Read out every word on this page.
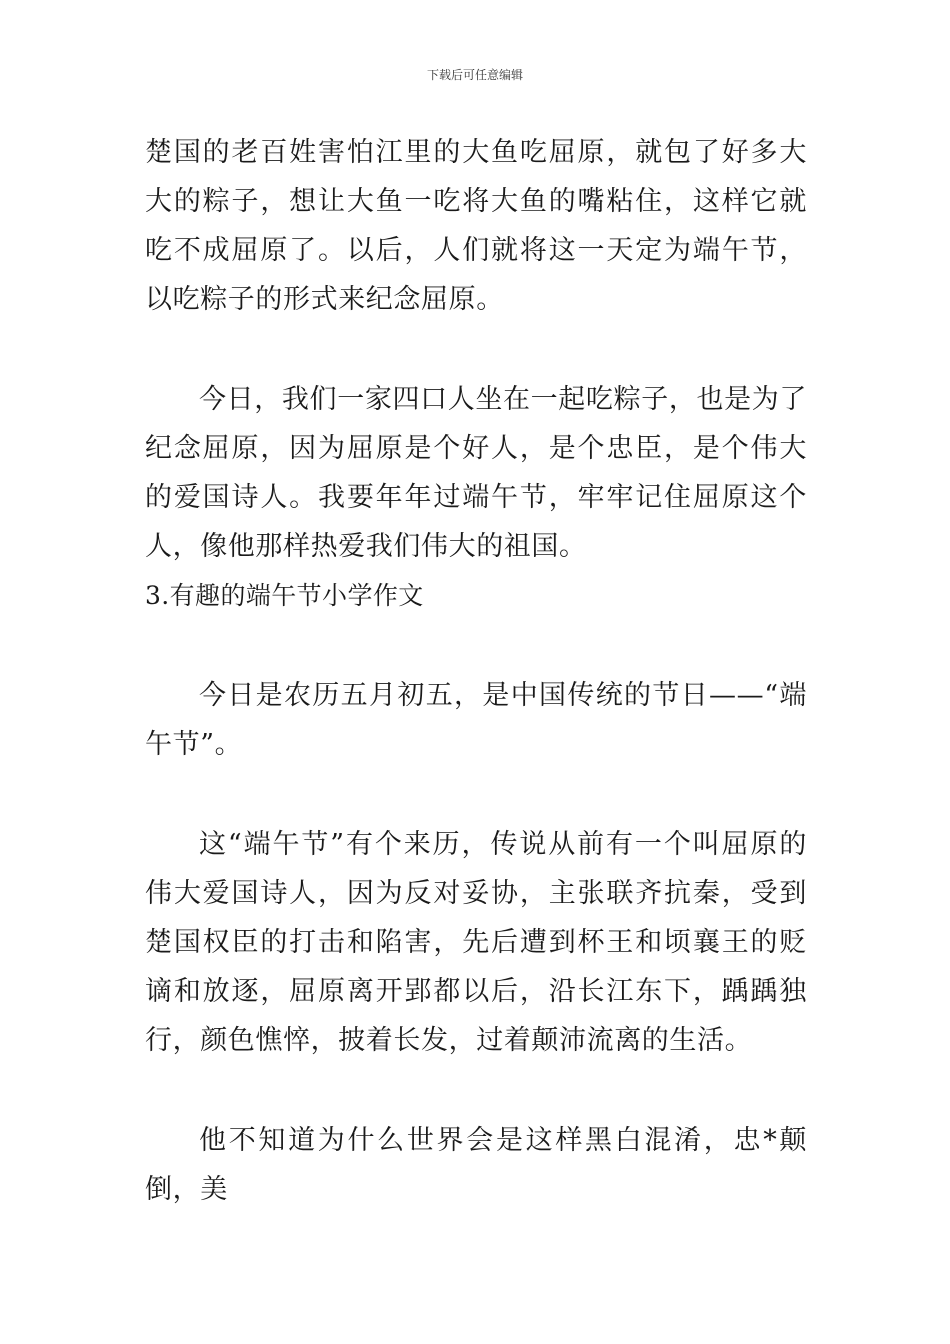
下载后可任意编辑

楚国的老百姓害怕江里的大鱼吃屈原，就包了好多大大的粽子，想让大鱼一吃将大鱼的嘴粘住，这样它就吃不成屈原了。以后，人们就将这一天定为端午节，以吃粽子的形式来纪念屈原。

今日，我们一家四口人坐在一起吃粽子，也是为了纪念屈原，因为屈原是个好人，是个忠臣，是个伟大的爱国诗人。我要年年过端午节，牢牢记住屈原这个人，像他那样热爱我们伟大的祖国。

3.有趣的端午节小学作文

今日是农历五月初五，是中国传统的节日——“端午节”。

这“端午节”有个来历，传说从前有一个叫屈原的伟大爱国诗人，因为反对妥协，主张联齐抗秦，受到楚国权臣的打击和陷害，先后遭到杯王和顷襄王的贬谪和放逐，屈原离开郢都以后，沿长江东下，踽踽独行，颜色憔悴，披着长发，过着颠沛流离的生活。

他不知道为什么世界会是这样黑白混淆，忠*颠倒，美
